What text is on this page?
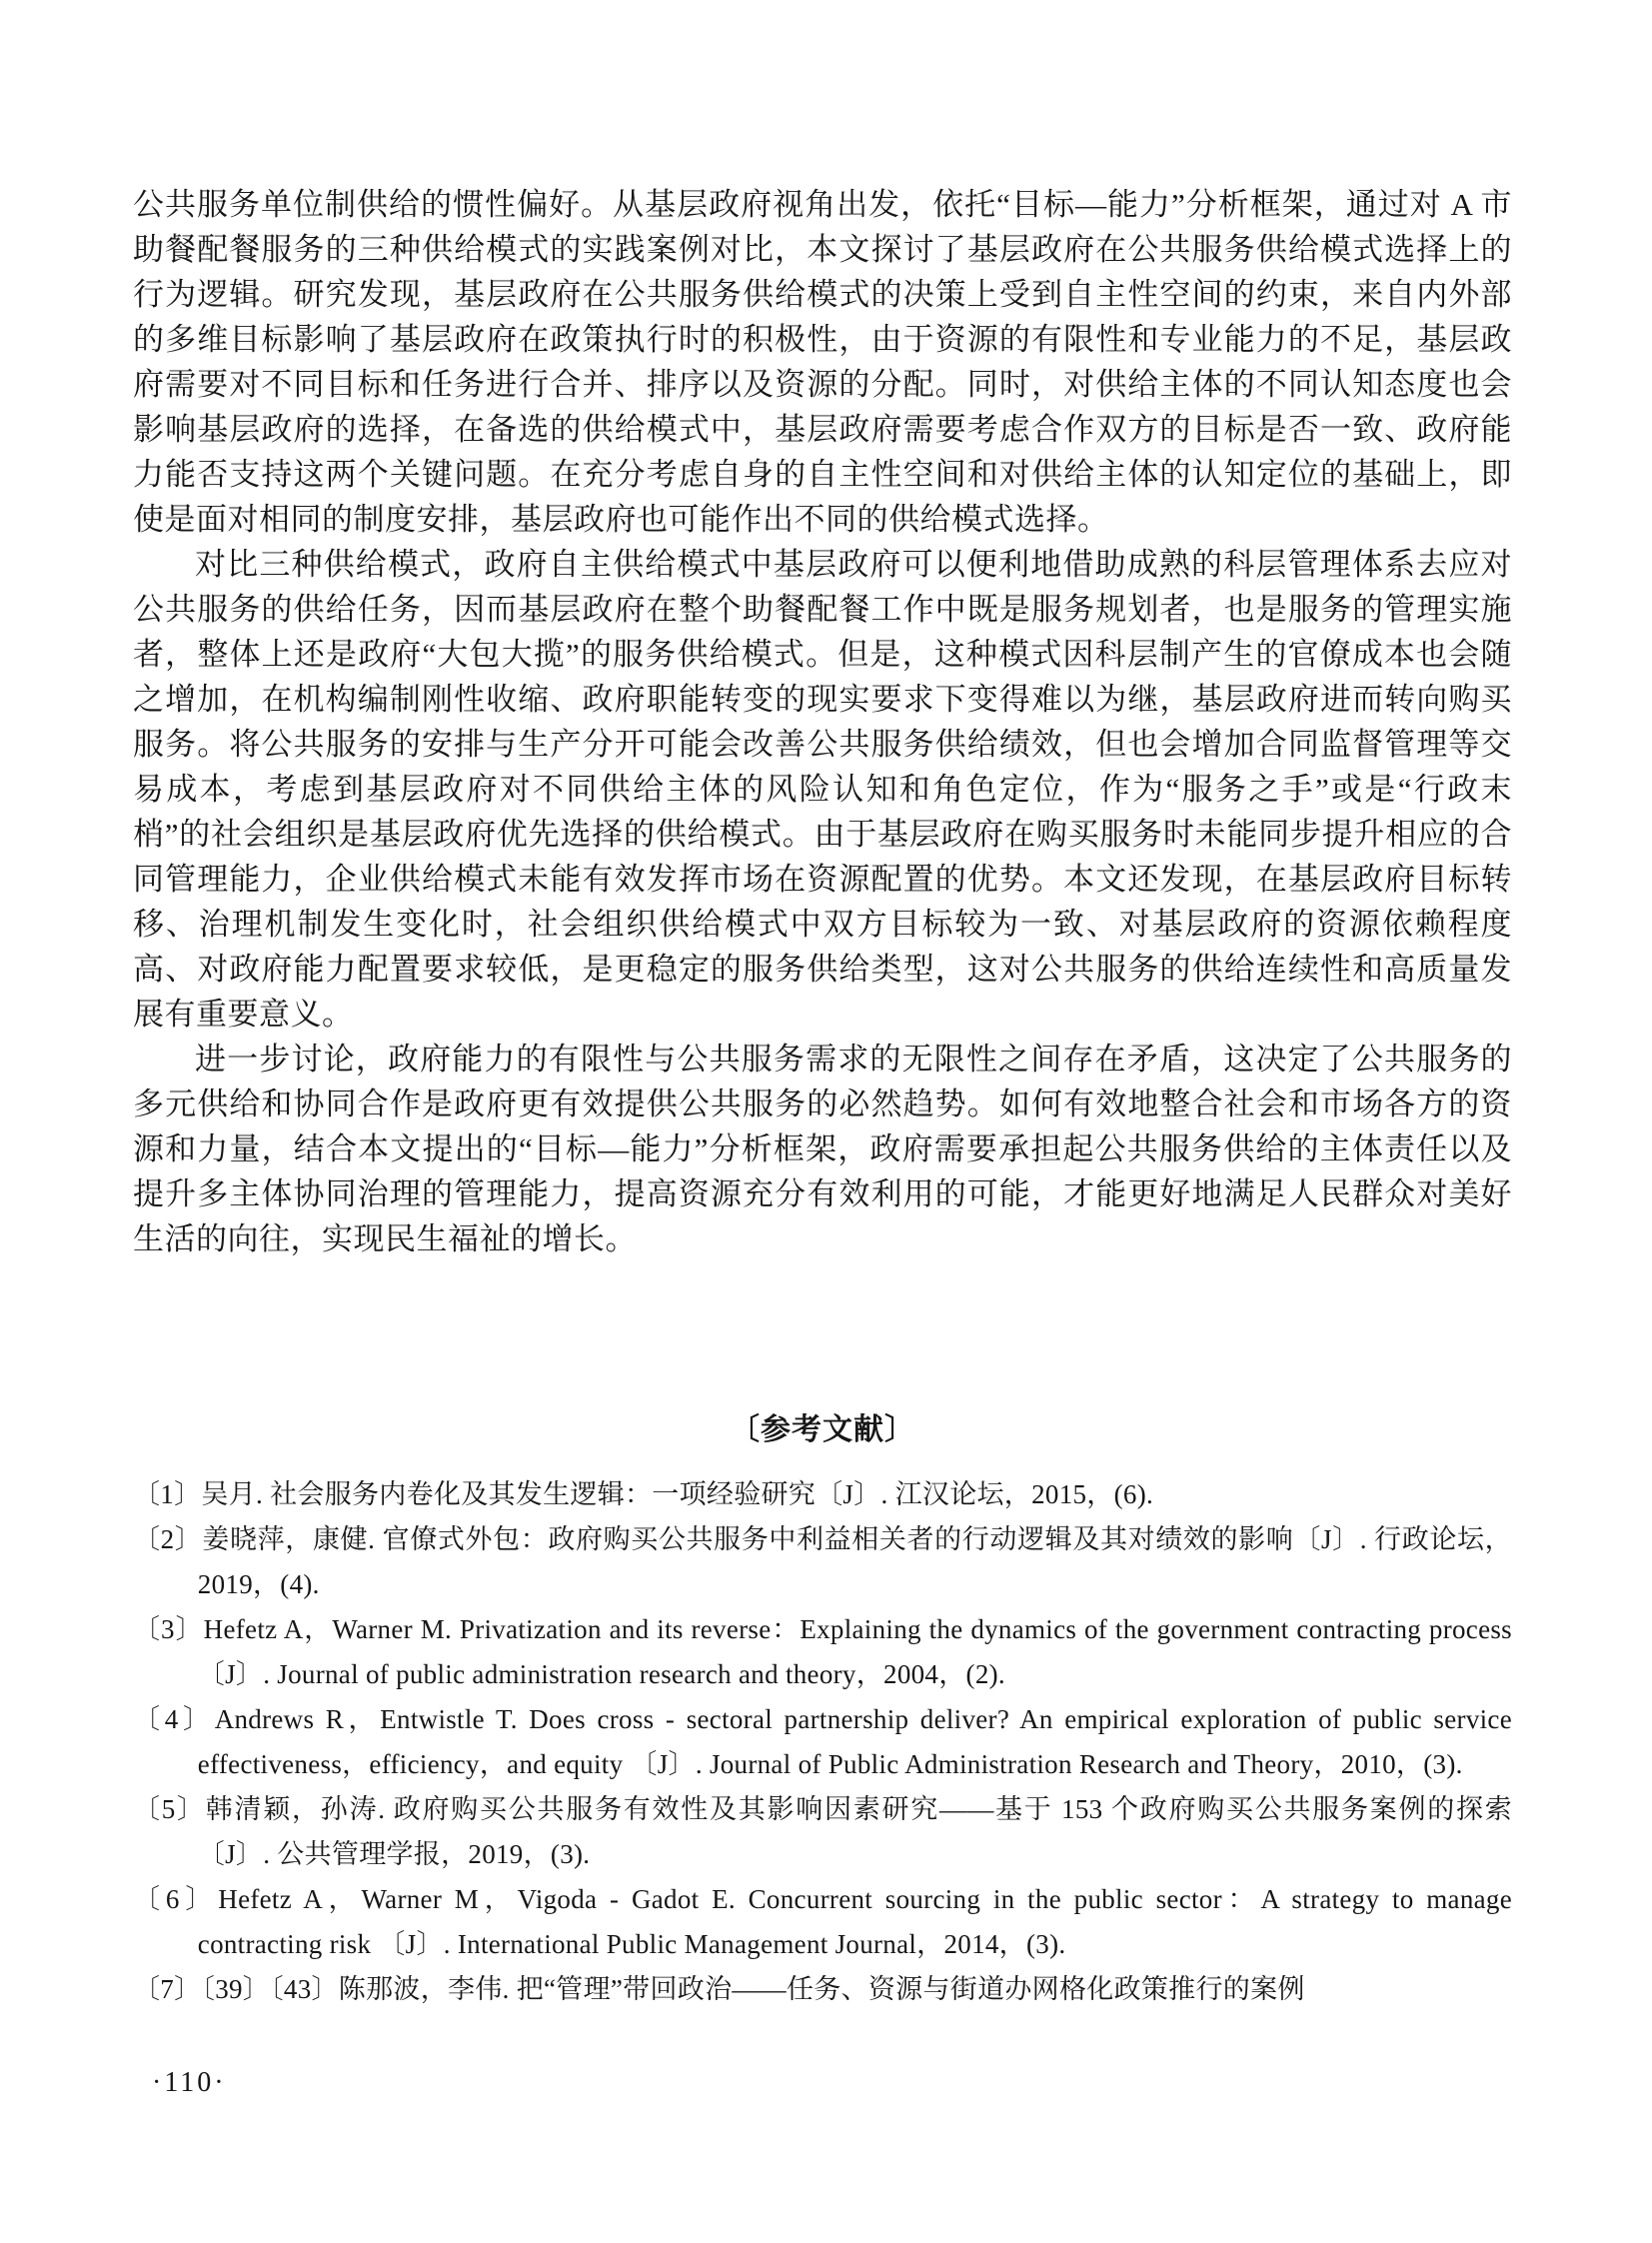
公共服务单位制供给的惯性偏好。从基层政府视角出发，依托“目标—能力”分析框架，通过对 A 市助餐配餐服务的三种供给模式的实践案例对比，本文探讨了基层政府在公共服务供给模式选择上的行为逻辑。研究发现，基层政府在公共服务供给模式的决策上受到自主性空间的约束，来自内外部的多维目标影响了基层政府在政策执行时的积极性，由于资源的有限性和专业能力的不足，基层政府需要对不同目标和任务进行合并、排序以及资源的分配。同时，对供给主体的不同认知态度也会影响基层政府的选择，在备选的供给模式中，基层政府需要考虑合作双方的目标是否一致、政府能力能否支持这两个关键问题。在充分考虑自身的自主性空间和对供给主体的认知定位的基础上，即使是面对相同的制度安排，基层政府也可能作出不同的供给模式选择。

对比三种供给模式，政府自主供给模式中基层政府可以便利地借助成熟的科层管理体系去应对公共服务的供给任务，因而基层政府在整个助餐配餐工作中既是服务规划者，也是服务的管理实施者，整体上还是政府“大包大揽”的服务供给模式。但是，这种模式因科层制产生的官僚成本也会随之增加，在机构编制刚性收缩、政府职能转变的现实要求下变得难以为继，基层政府进而转向购买服务。将公共服务的安排与生产分开可能会改善公共服务供给绩效，但也会增加合同监督管理等交易成本，考虑到基层政府对不同供给主体的风险认知和角色定位，作为“服务之手”或是“行政末梢”的社会组织是基层政府优先选择的供给模式。由于基层政府在购买服务时未能同步提升相应的合同管理能力，企业供给模式未能有效发挥市场在资源配置的优势。本文还发现，在基层政府目标转移、治理机制发生变化时，社会组织供给模式中双方目标较为一致、对基层政府的资源依赖程度高、对政府能力配置要求较低，是更稳定的服务供给类型，这对公共服务的供给连续性和高质量发展有重要意义。

进一步讨论，政府能力的有限性与公共服务需求的无限性之间存在矛盾，这决定了公共服务的多元供给和协同合作是政府更有效提供公共服务的必然趋势。如何有效地整合社会和市场各方的资源和力量，结合本文提出的“目标—能力”分析框架，政府需要承担起公共服务供给的主体责任以及提升多主体协同治理的管理能力，提高资源充分有效利用的可能，才能更好地满足人民群众对美好生活的向往，实现民生福祉的增长。

〔参考文献〕
〔1〕吴月. 社会服务内卷化及其发生逻辑：一项经验研究〔J〕. 江汉论坛，2015，(6).
〔2〕姜晓萍，康健. 官僚式外包：政府购买公共服务中利益相关者的行动逻辑及其对绩效的影响〔J〕. 行政论坛，2019，(4).
〔3〕Hefetz A，Warner M. Privatization and its reverse：Explaining the dynamics of the government contracting process 〔J〕. Journal of public administration research and theory，2004，(2).
〔4〕Andrews R，Entwistle T. Does cross - sectoral partnership deliver? An empirical exploration of public service effectiveness，efficiency，and equity 〔J〕. Journal of Public Administration Research and Theory，2010，(3).
〔5〕韩清颖，孙涛. 政府购买公共服务有效性及其影响因素研究——基于 153 个政府购买公共服务案例的探索〔J〕. 公共管理学报，2019，(3).
〔6〕Hefetz A，Warner M，Vigoda - Gadot E. Concurrent sourcing in the public sector：A strategy to manage contracting risk 〔J〕. International Public Management Journal，2014，(3).
〔7〕〔39〕〔43〕陈那波，李伟. 把“管理”带回政治——任务、资源与街道办网格化政策推行的案例
·110·
